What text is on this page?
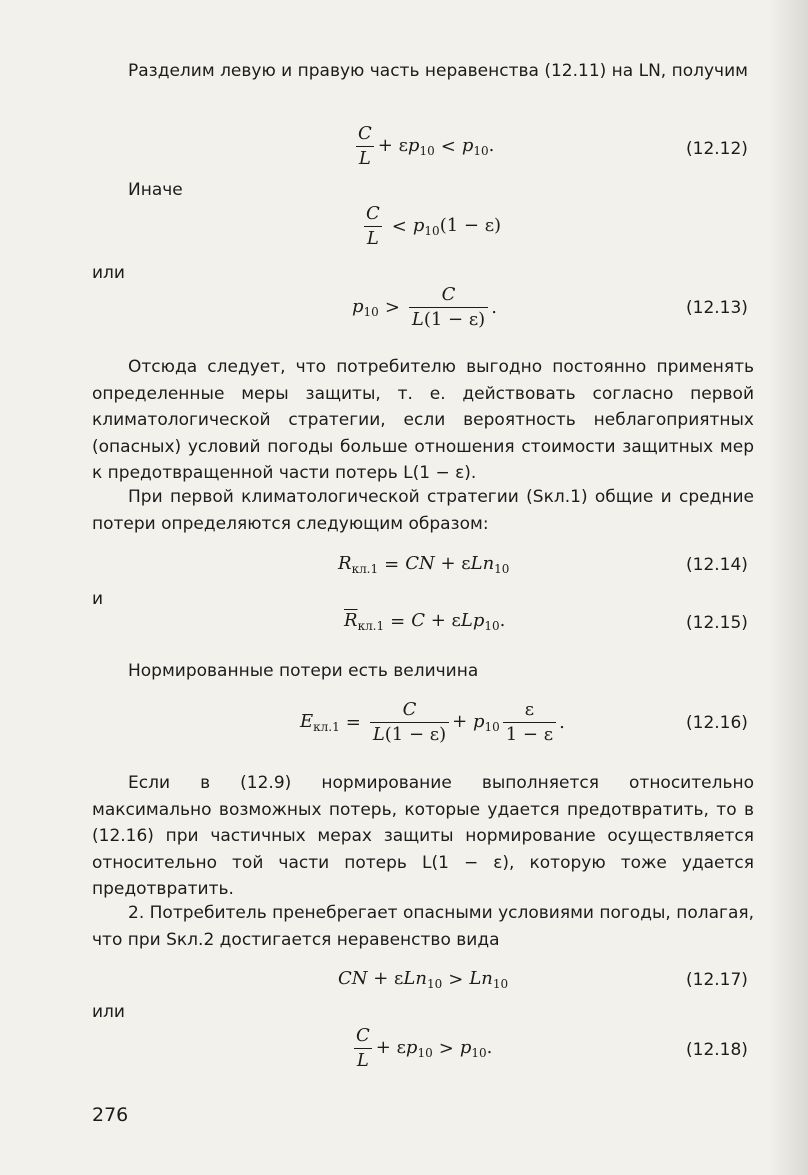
Разделим левую и правую часть неравенства (12.11) на LN, получим
$\frac{C}{L} + \varepsilon p_{10} < p_{10}$.	(12.12)
Иначе
$\frac{C}{L} < p_{10}(1 - \varepsilon)$
или
$p_{10} > \frac{C}{L(1 - \varepsilon)}$ .	(12.13)
Отсюда следует, что потребителю выгодно постоянно применять определенные меры защиты, т. е. действовать согласно первой климатологической стратегии, если вероятность неблагоприятных (опасных) условий погоды больше отношения стоимости защитных мер к предотвращенной части потерь L(1 − ε).
При первой климатологической стратегии (Sкл.1) общие и средние потери определяются следующим образом:
$R_{кл.1}$ = CN + εLn$_{10}$	(12.14)
и
$\overline{R}_{кл.1} = C + \varepsilon Lp_{10}$.	(12.15)
Нормированные потери есть величина
$E_{кл.1} = \frac{C}{L(1 - \varepsilon)} + p_{10} \frac{\varepsilon}{1 - \varepsilon}$ .	(12.16)
Если в (12.9) нормирование выполняется относительно максимально возможных потерь, которые удается предотвратить, то в (12.16) при частичных мерах защиты нормирование осуществляется относительно той части потерь L(1 − ε), которую тоже удается предотвратить.
2. Потребитель пренебрегает опасными условиями погоды, полагая, что при Sкл.2 достигается неравенство вида
CN + $\varepsilon Ln_{10} > Ln_{10}$	(12.17)
или
$\frac{C}{L} + \varepsilon p_{10} > p_{10}$.	(12.18)
276
